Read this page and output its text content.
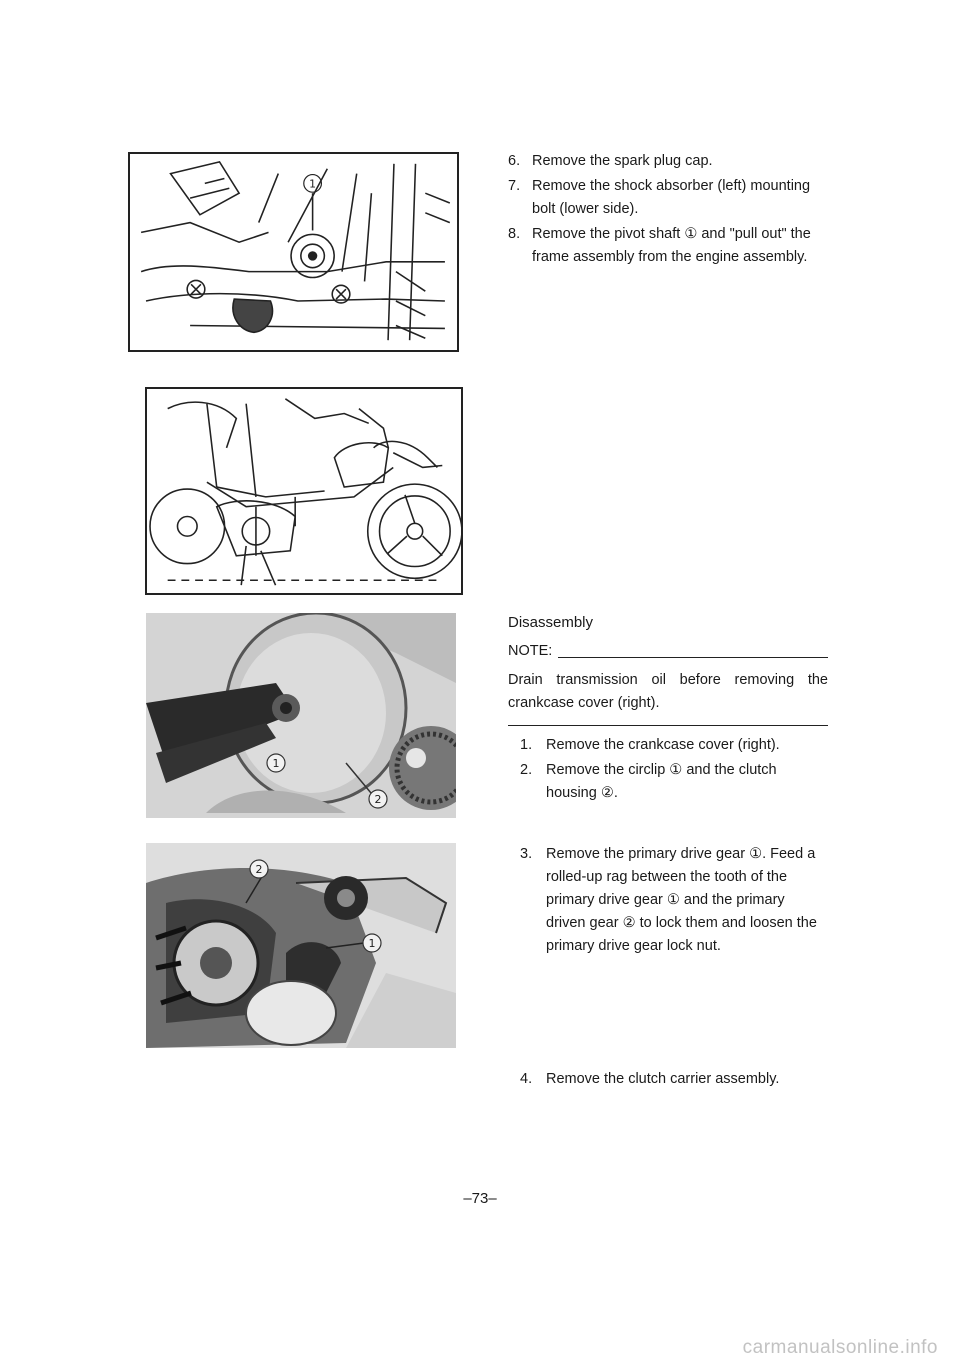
1
1
2
2
1
6. Remove the spark plug cap.
7. Remove the shock absorber (left) mounting bolt (lower side).
8. Remove the pivot shaft ① and "pull out" the frame assembly from the engine assembly.
Disassembly
NOTE:

Drain transmission oil before removing the crankcase cover (right).

1. Remove the crankcase cover (right).
2. Remove the circlip ① and the clutch housing ②.
3. Remove the primary drive gear ①. Feed a rolled-up rag between the tooth of the primary drive gear ① and the primary driven gear ② to lock them and loosen the primary drive gear lock nut.
4. Remove the clutch carrier assembly.
–73–
carmanualsonline.info
